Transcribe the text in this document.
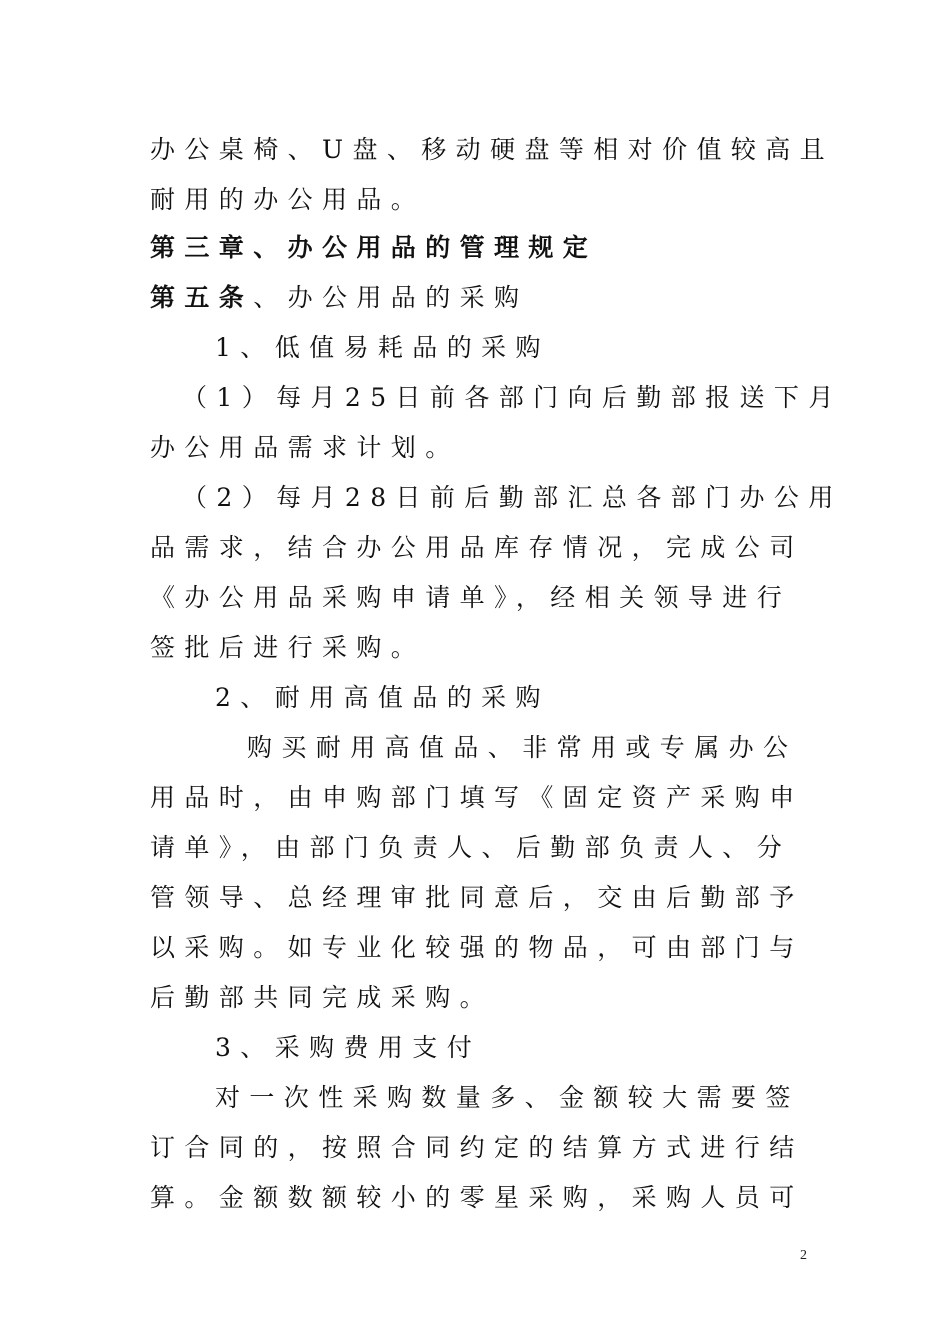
办公桌椅、U盘、移动硬盘等相对价值较高且
耐用的办公用品。
第三章、办公用品的管理规定
第五条、办公用品的采购
1、低值易耗品的采购
（1）每月25日前各部门向后勤部报送下月
办公用品需求计划。
（2）每月28日前后勤部汇总各部门办公用
品需求，结合办公用品库存情况，完成公司
《办公用品采购申请单》，经相关领导进行
签批后进行采购。
2、耐用高值品的采购
购买耐用高值品、非常用或专属办公
用品时，由申购部门填写《固定资产采购申
请单》，由部门负责人、后勤部负责人、分
管领导、总经理审批同意后，交由后勤部予
以采购。如专业化较强的物品，可由部门与
后勤部共同完成采购。
3、采购费用支付
对一次性采购数量多、金额较大需要签
订合同的，按照合同约定的结算方式进行结
算。金额数额较小的零星采购，采购人员可
2
